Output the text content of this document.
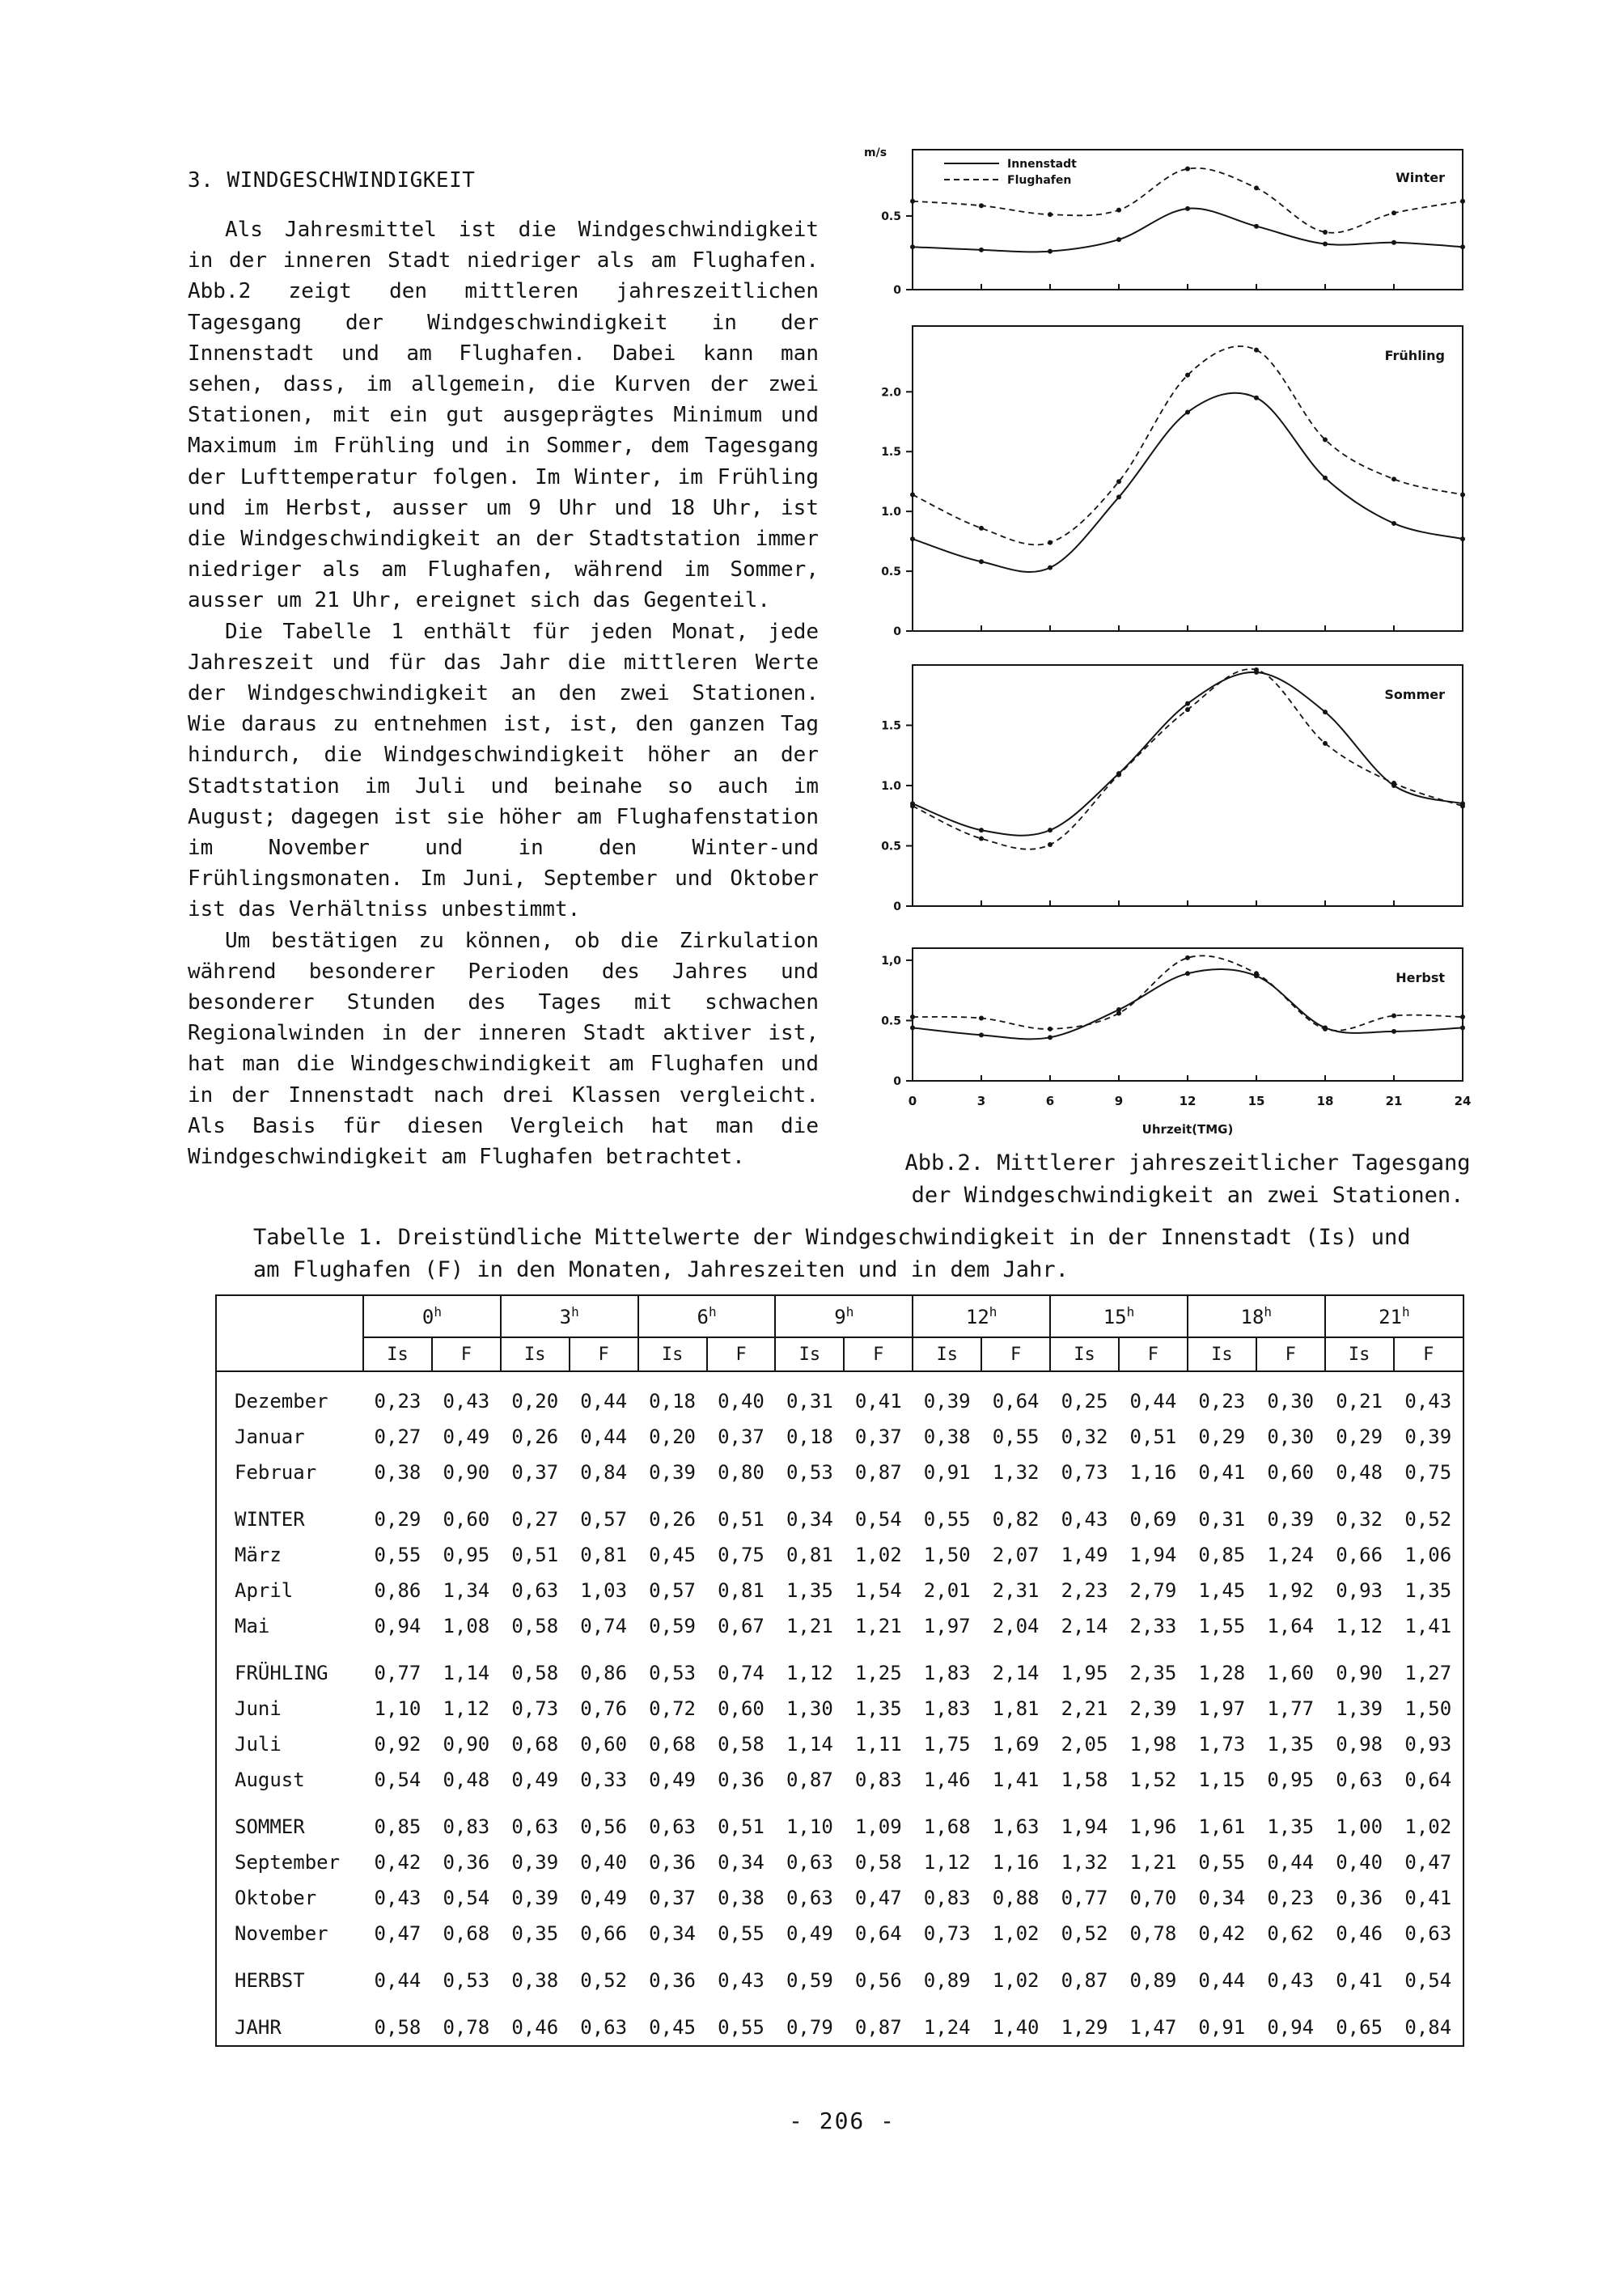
3. WINDGESCHWINDIGKEIT

Als Jahresmittel ist die Windgeschwindigkeit in der inneren Stadt niedriger als am Flughafen. Abb.2 zeigt den mittleren jahreszeitlichen Tagesgang der Windgeschwindigkeit in der Innenstadt und am Flughafen. Dabei kann man sehen, dass, im allgemein, die Kurven der zwei Stationen, mit ein gut ausgeprägtes Minimum und Maximum im Frühling und in Sommer, dem Tagesgang der Lufttemperatur folgen. Im Winter, im Frühling und im Herbst, ausser um 9 Uhr und 18 Uhr, ist die Windgeschwindigkeit an der Stadtstation immer niedriger als am Flughafen, während im Sommer, ausser um 21 Uhr, ereignet sich das Gegenteil.

Die Tabelle 1 enthält für jeden Monat, jede Jahreszeit und für das Jahr die mittleren Werte der Windgeschwindigkeit an den zwei Stationen. Wie daraus zu entnehmen ist, ist, den ganzen Tag hindurch, die Windgeschwindigkeit höher an der Stadtstation im Juli und beinahe so auch im August; dagegen ist sie höher am Flughafenstation im November und in den Winter-und Frühlingsmonaten. Im Juni, September und Oktober ist das Verhältniss unbestimmt.

Um bestätigen zu können, ob die Zirkulation während besonderer Perioden des Jahres und besonderer Stunden des Tages mit schwachen Regionalwinden in der inneren Stadt aktiver ist, hat man die Windgeschwindigkeit am Flughafen und in der Innenstadt nach drei Klassen vergleicht. Als Basis für diesen Vergleich hat man die Windgeschwindigkeit am Flughafen betrachtet.

m/s
Innenstadt
Flughafen
0
0.5
Winter
0
0.5
1.0
1.5
2.0
Frühling
0
0.5
1.0
1.5
Sommer
0
0.5
1,0
Herbst
0	3	6	9	12	15	18	21	24
Uhrzeit(TMG)
Abb.2. Mittlerer jahreszeitlicher Tagesgang
der Windgeschwindigkeit an zwei Stationen.
Tabelle 1. Dreistündliche Mittelwerte der Windgeschwindigkeit in der Innenstadt (Is) und
am Flughafen (F) in den Monaten, Jahreszeiten und in dem Jahr.
	0$^h$		3$^h$		6$^h$		9$^h$		12$^h$		15$^h$		18$^h$		21$^h$
	Is	F	Is	F	Is	F	Is	F	Is	F	Is	F	Is	F	Is	F

Dezember	0,23	0,43	0,20	0,44	0,18	0,40	0,31	0,41	0,39	0,64	0,25	0,44	0,23	0,30	0,21	0,43
Januar	0,27	0,49	0,26	0,44	0,20	0,37	0,18	0,37	0,38	0,55	0,32	0,51	0,29	0,30	0,29	0,39
Februar	0,38	0,90	0,37	0,84	0,39	0,80	0,53	0,87	0,91	1,32	0,73	1,16	0,41	0,60	0,48	0,75

WINTER	0,29	0,60	0,27	0,57	0,26	0,51	0,34	0,54	0,55	0,82	0,43	0,69	0,31	0,39	0,32	0,52
März	0,55	0,95	0,51	0,81	0,45	0,75	0,81	1,02	1,50	2,07	1,49	1,94	0,85	1,24	0,66	1,06
April	0,86	1,34	0,63	1,03	0,57	0,81	1,35	1,54	2,01	2,31	2,23	2,79	1,45	1,92	0,93	1,35
Mai	0,94	1,08	0,58	0,74	0,59	0,67	1,21	1,21	1,97	2,04	2,14	2,33	1,55	1,64	1,12	1,41

FRÜHLING	0,77	1,14	0,58	0,86	0,53	0,74	1,12	1,25	1,83	2,14	1,95	2,35	1,28	1,60	0,90	1,27
Juni	1,10	1,12	0,73	0,76	0,72	0,60	1,30	1,35	1,83	1,81	2,21	2,39	1,97	1,77	1,39	1,50
Juli	0,92	0,90	0,68	0,60	0,68	0,58	1,14	1,11	1,75	1,69	2,05	1,98	1,73	1,35	0,98	0,93
August	0,54	0,48	0,49	0,33	0,49	0,36	0,87	0,83	1,46	1,41	1,58	1,52	1,15	0,95	0,63	0,64

SOMMER	0,85	0,83	0,63	0,56	0,63	0,51	1,10	1,09	1,68	1,63	1,94	1,96	1,61	1,35	1,00	1,02
September	0,42	0,36	0,39	0,40	0,36	0,34	0,63	0,58	1,12	1,16	1,32	1,21	0,55	0,44	0,40	0,47
Oktober	0,43	0,54	0,39	0,49	0,37	0,38	0,63	0,47	0,83	0,88	0,77	0,70	0,34	0,23	0,36	0,41
November	0,47	0,68	0,35	0,66	0,34	0,55	0,49	0,64	0,73	1,02	0,52	0,78	0,42	0,62	0,46	0,63

HERBST	0,44	0,53	0,38	0,52	0,36	0,43	0,59	0,56	0,89	1,02	0,87	0,89	0,44	0,43	0,41	0,54

JAHR	0,58	0,78	0,46	0,63	0,45	0,55	0,79	0,87	1,24	1,40	1,29	1,47	0,91	0,94	0,65	0,84
- 206 -
